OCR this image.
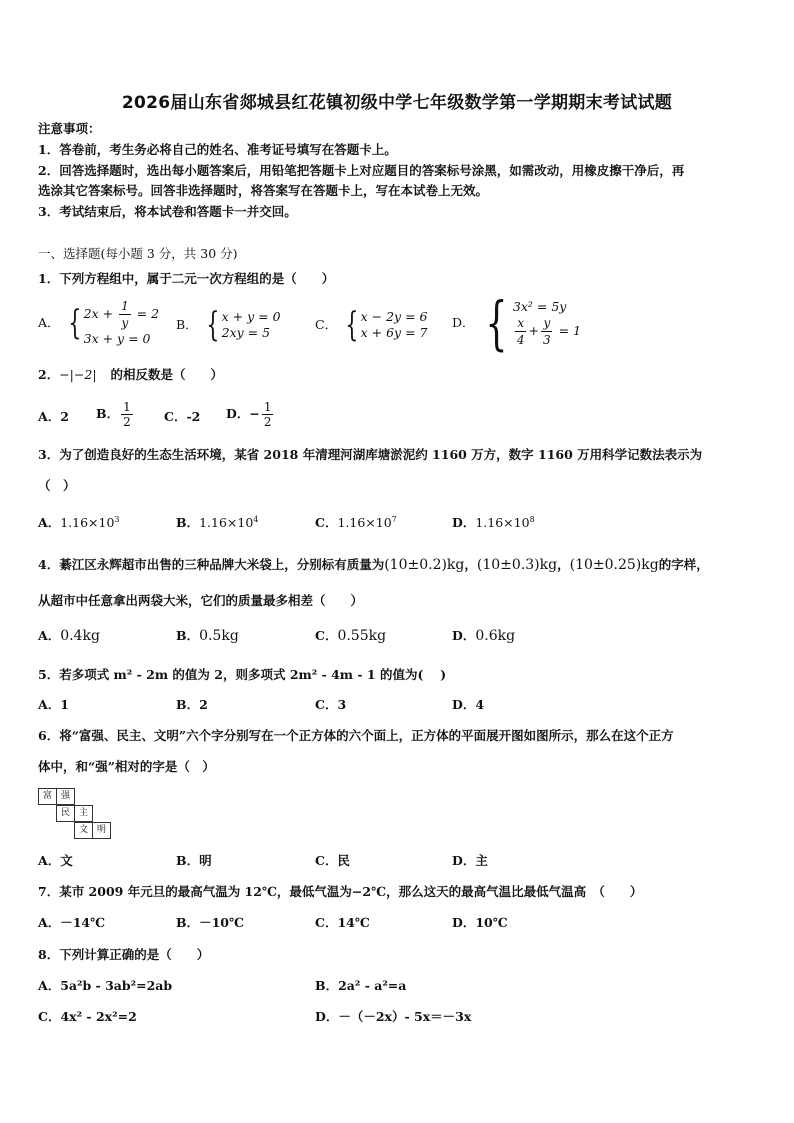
2026届山东省郯城县红花镇初级中学七年级数学第一学期期末考试试题
注意事项：
1．答卷前，考生务必将自己的姓名、准考证号填写在答题卡上。
2．回答选择题时，选出每小题答案后，用铅笔把答题卡上对应题目的答案标号涂黑，如需改动，用橡皮擦干净后，再
选涂其它答案标号。回答非选择题时，将答案写在答题卡上，写在本试卷上无效。
3．考试结束后，将本试卷和答题卡一并交回。
一、选择题(每小题 3 分，共 30 分)
1．下列方程组中，属于二元一次方程组的是（　　）
A． { $2x + \frac{1}{y} = 2$
3x + y = 0
B． { x + y = 0
2xy = 5
C． { x − 2y = 6
x + 6y = 7
D． { 3x² = 5y
$\frac{x}{4} + \frac{y}{3} = 1$
2．−|−2| 的相反数是（　　）
A．2 B． $\frac{1}{2}$	C．-2 D．− $\frac{1}{2}$
3．为了创造良好的生态生活环境，某省 2018 年清理河湖库塘淤泥约 1160 万方，数字 1160 万用科学记数法表示为
（　）
A．$1.16\times 10^3$	B．$1.16\times 10^4$	C．$1.16\times 10^7$	D．$1.16\times 10^8$
4．綦江区永辉超市出售的三种品牌大米袋上，分别标有质量为(10±0.2)kg，(10±0.3)kg，(10±0.25)kg的字样，
从超市中任意拿出两袋大米，它们的质量最多相差（　　）
A．0.4kg	B．0.5kg	C．0.55kg	D．0.6kg
5．若多项式 m² - 2m 的值为 2，则多项式 2m² - 4m - 1 的值为(　 )
A．1	B．2	C．3	D．4
6．将“富强、民主、文明”六个字分别写在一个正方体的六个面上，正方体的平面展开图如图所示，那么在这个正方
体中，和“强”相对的字是（　）
富 强
民 主
文 明
A．文	B．明	C．民	D．主
7．某市 2009 年元旦的最高气温为 12℃，最低气温为−2℃，那么这天的最高气温比最低气温高　（　　）
A．－14℃	B．－10℃	C．14℃	D．10℃
8．下列计算正确的是（　　）
A．5a²b - 3ab²=2ab	B．2a² - a²=a
C．4x² - 2x²=2	D．－（－2x）- 5x＝－3x
